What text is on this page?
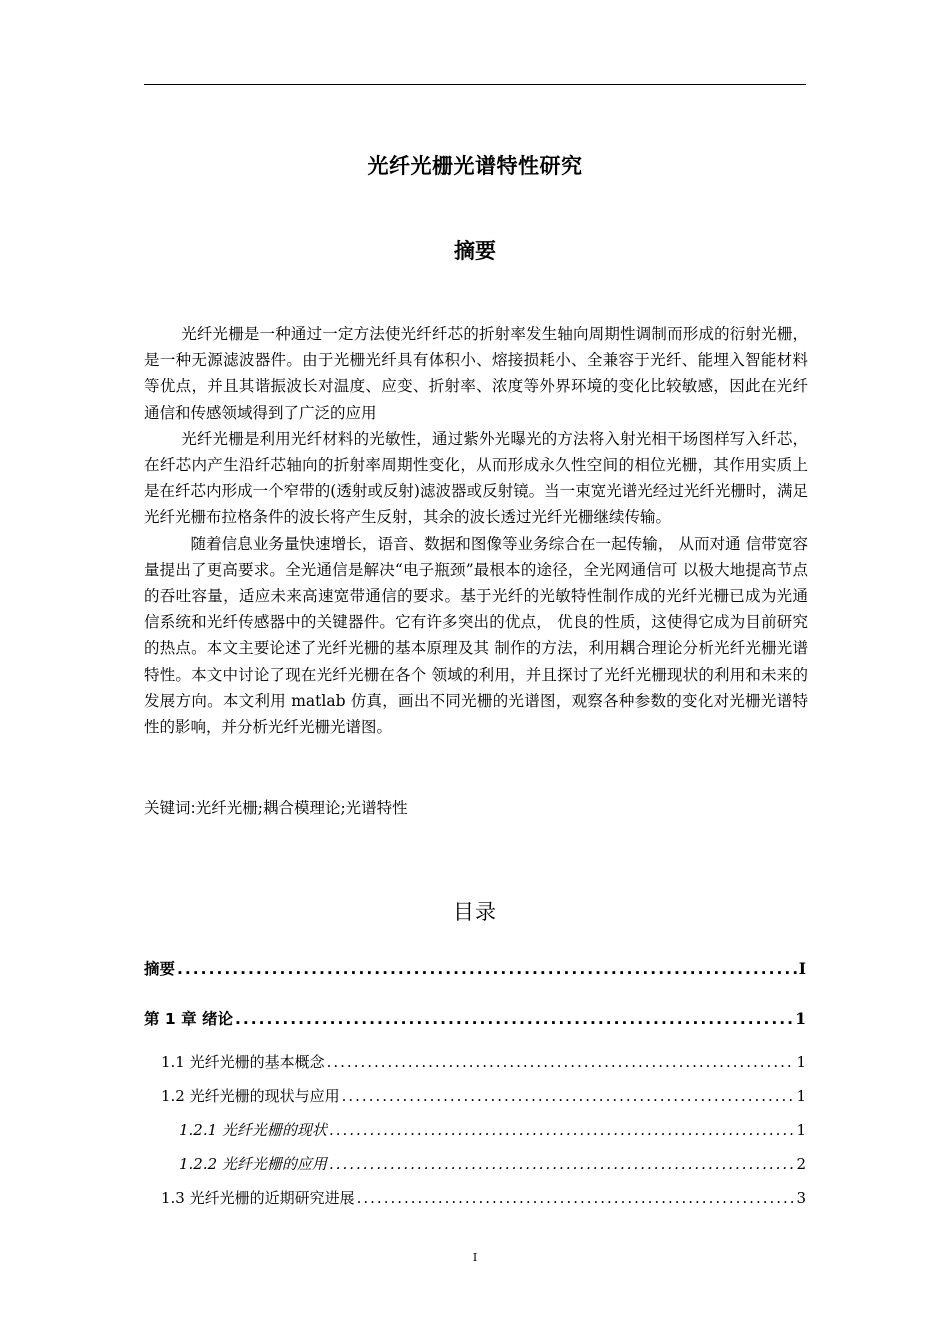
光纤光栅光谱特性研究
摘要

光纤光栅是一种通过一定方法使光纤纤芯的折射率发生轴向周期性调制而形成的衍射光栅，是一种无源滤波器件。由于光栅光纤具有体积小、熔接损耗小、全兼容于光纤、能埋入智能材料等优点，并且其谐振波长对温度、应变、折射率、浓度等外界环境的变化比较敏感，因此在光纤通信和传感领域得到了广泛的应用

光纤光栅是利用光纤材料的光敏性，通过紫外光曝光的方法将入射光相干场图样写入纤芯，在纤芯内产生沿纤芯轴向的折射率周期性变化，从而形成永久性空间的相位光栅，其作用实质上是在纤芯内形成一个窄带的(透射或反射)滤波器或反射镜。当一束宽光谱光经过光纤光栅时，满足光纤光栅布拉格条件的波长将产生反射，其余的波长透过光纤光栅继续传输。

随着信息业务量快速增长，语音、数据和图像等业务综合在一起传输， 从而对通 信带宽容量提出了更高要求。全光通信是解决“电子瓶颈”最根本的途径，全光网通信可 以极大地提高节点的吞吐容量，适应未来高速宽带通信的要求。基于光纤的光敏特性制作成的光纤光栅已成为光通信系统和光纤传感器中的关键器件。它有许多突出的优点， 优良的性质，这使得它成为目前研究的热点。本文主要论述了光纤光栅的基本原理及其 制作的方法，利用耦合理论分析光纤光栅光谱特性。本文中讨论了现在光纤光栅在各个 领域的利用，并且探讨了光纤光栅现状的利用和未来的发展方向。本文利用 matlab 仿真，画出不同光栅的光谱图，观察各种参数的变化对光栅光谱特性的影响，并分析光纤光栅光谱图。

关键词:光纤光栅;耦合模理论;光谱特性
目录
摘要 .....	I
第 1 章 绪论 .....	1
1.1 光纤光栅的基本概念 .....	1
1.2 光纤光栅的现状与应用 .....	1
1.2.1 光纤光栅的现状 .....	1
1.2.2 光纤光栅的应用 .....	2
1.3 光纤光栅的近期研究进展 .....	3
I
